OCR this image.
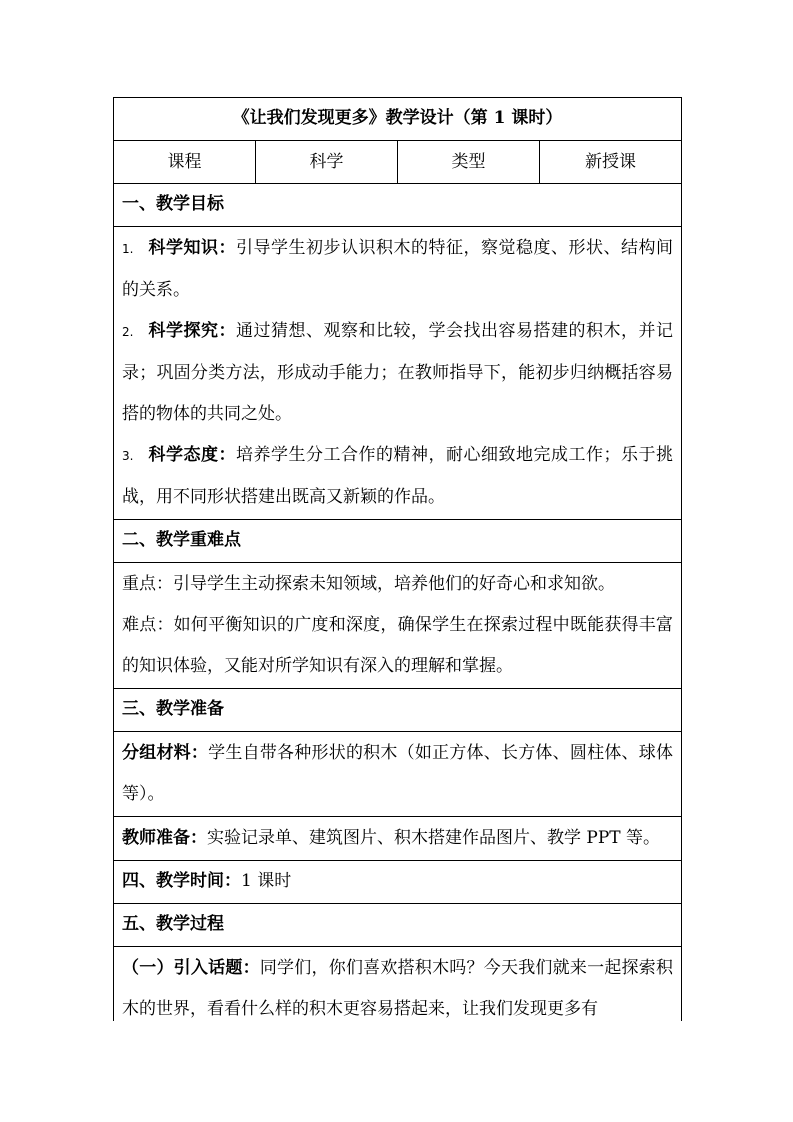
《让我们发现更多》教学设计（第 1 课时）
课程	科学	类型	新授课
一、教学目标

1. 科学知识：引导学生初步认识积木的特征，察觉稳度、形状、结构间的关系。

2. 科学探究：通过猜想、观察和比较，学会找出容易搭建的积木，并记录；巩固分类方法，形成动手能力；在教师指导下，能初步归纳概括容易搭的物体的共同之处。

3. 科学态度：培养学生分工合作的精神，耐心细致地完成工作；乐于挑战，用不同形状搭建出既高又新颖的作品。

二、教学重难点

重点：引导学生主动探索未知领域，培养他们的好奇心和求知欲。

难点：如何平衡知识的广度和深度，确保学生在探索过程中既能获得丰富的知识体验，又能对所学知识有深入的理解和掌握。

三、教学准备

分组材料：学生自带各种形状的积木（如正方体、长方体、圆柱体、球体等）。

教师准备：实验记录单、建筑图片、积木搭建作品图片、教学 PPT 等。

四、教学时间：1 课时
五、教学过程

（一）引入话题：同学们，你们喜欢搭积木吗？今天我们就来一起探索积木的世界，看看什么样的积木更容易搭起来，让我们发现更多有
